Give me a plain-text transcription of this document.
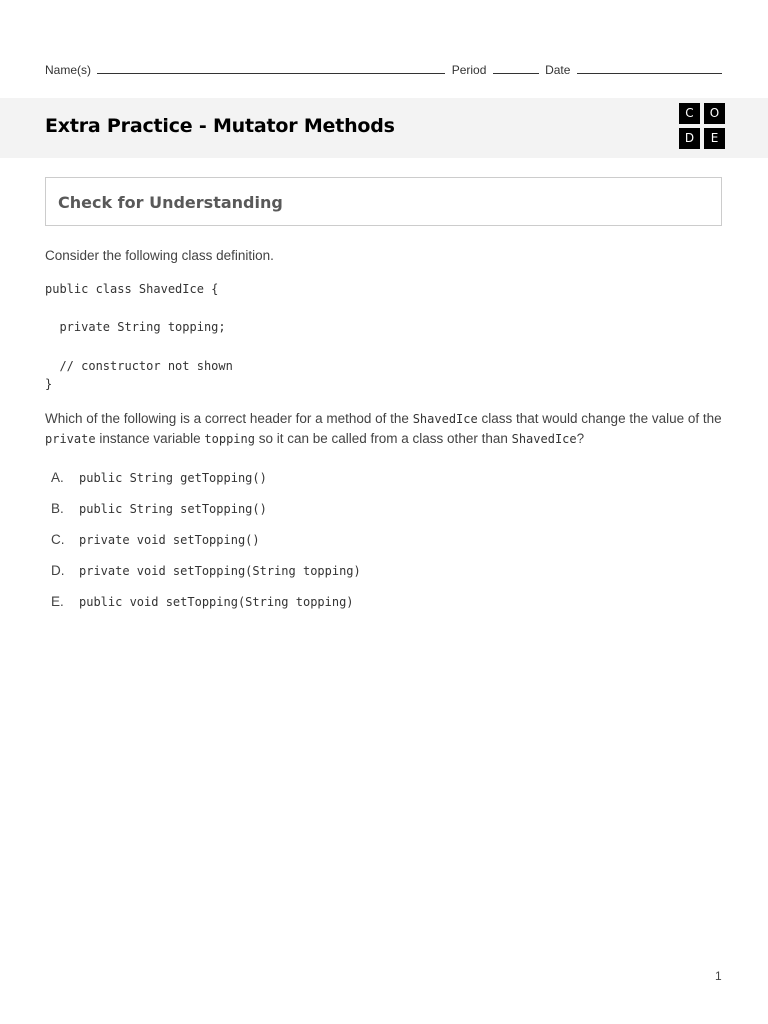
Name(s)	Period	Date
Extra Practice - Mutator Methods
C	O
D	E
Check for Understanding
Consider the following class definition.
public class ShavedIce {
private String topping;
// constructor not shown
}
Which of the following is a correct header for a method of the ShavedIce class that would change the value of the private instance variable topping so it can be called from a class other than ShavedIce?
A. public String getTopping()
B. public String setTopping()
C. private void setTopping()
D. private void setTopping(String topping)
E. public void setTopping(String topping)
1
